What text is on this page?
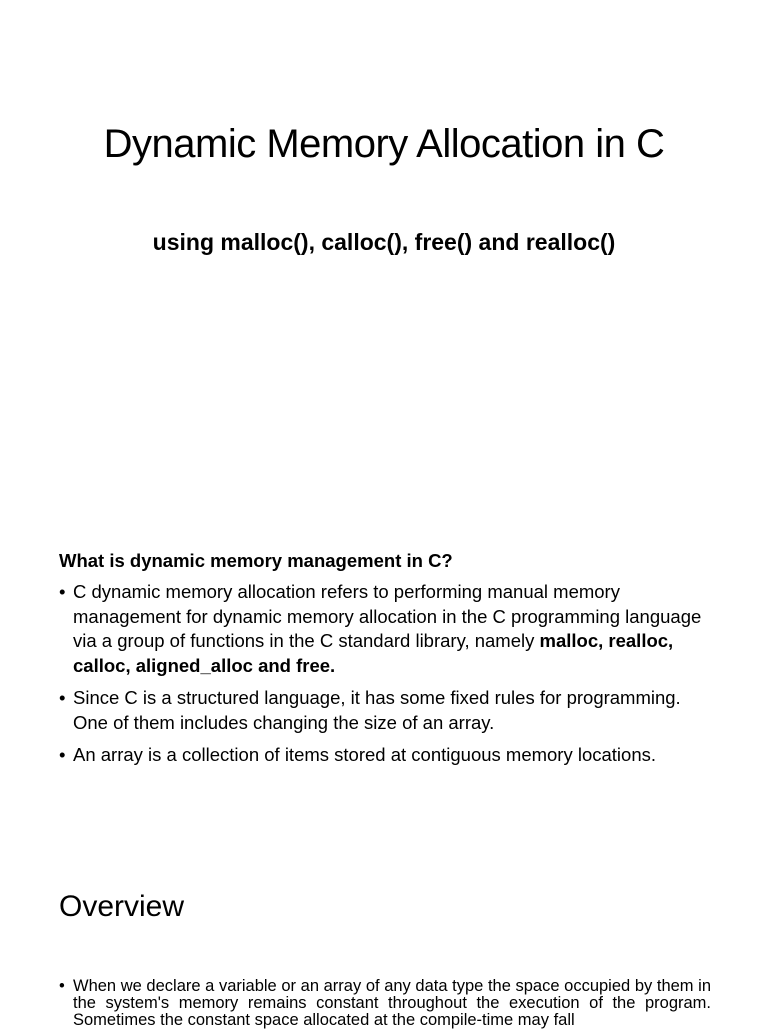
Dynamic Memory Allocation in C
using malloc(), calloc(), free() and realloc()

What is dynamic memory management in C?

• C dynamic memory allocation refers to performing manual memory management for dynamic memory allocation in the C programming language via a group of functions in the C standard library, namely malloc, realloc, calloc, aligned_alloc and free.
• Since C is a structured language, it has some fixed rules for programming. One of them includes changing the size of an array.
• An array is a collection of items stored at contiguous memory locations.
Overview
• When we declare a variable or an array of any data type the space occupied by them in the system's memory remains constant throughout the execution of the program. Sometimes the constant space allocated at the compile-time may fall
